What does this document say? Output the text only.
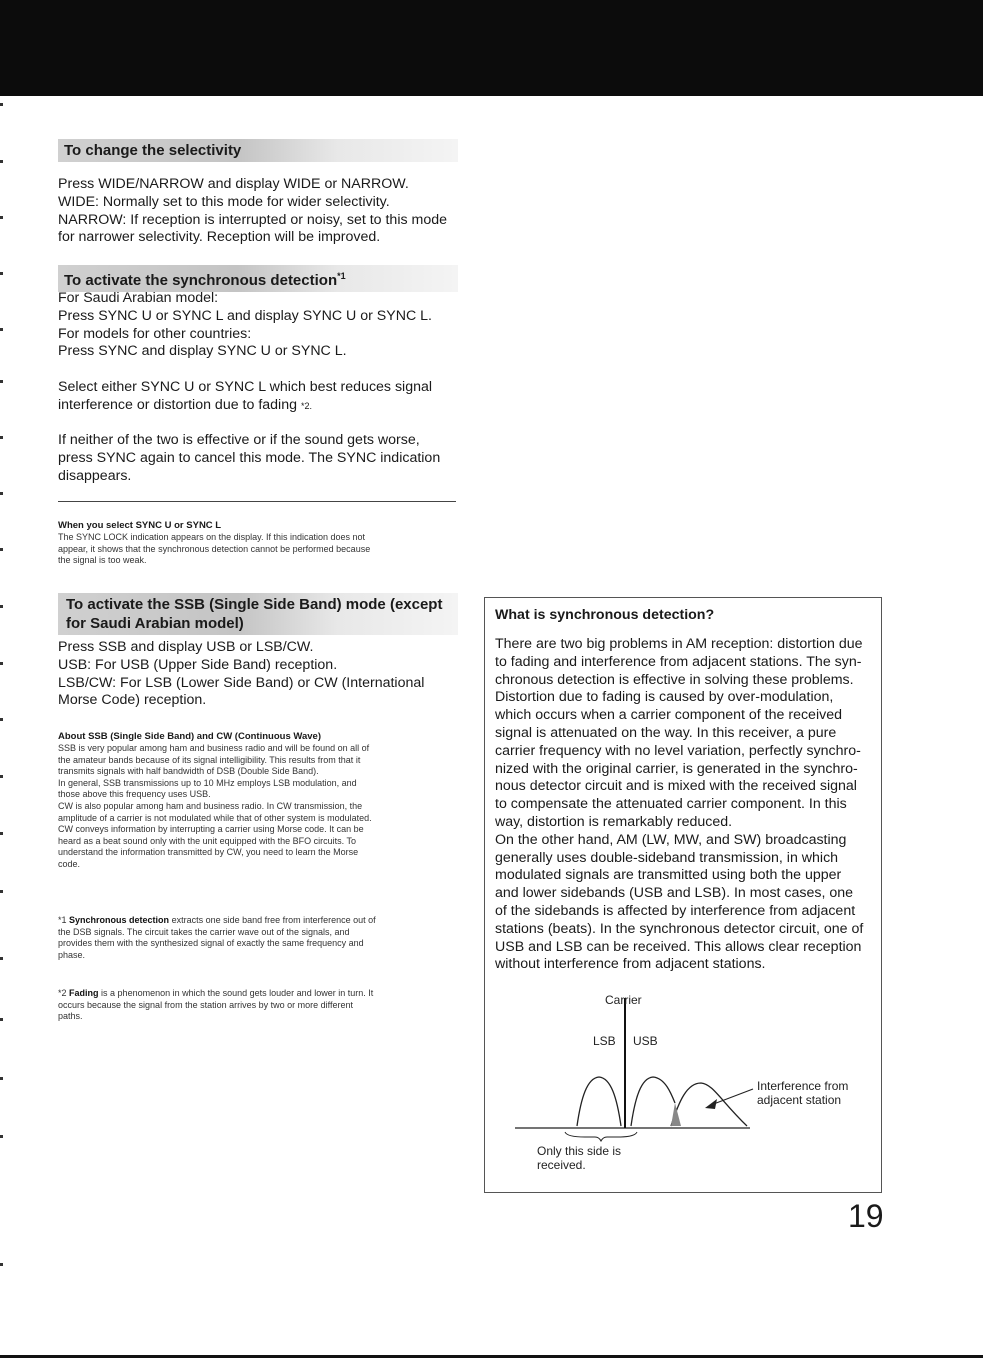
To change the selectivity

Press WIDE/NARROW and display WIDE or NARROW.

WIDE: Normally set to this mode for wider selectivity.

NARROW: If reception is interrupted or noisy, set to this mode

for narrower selectivity. Reception will be improved.

To activate the synchronous detection$^{*1}$

For Saudi Arabian model:

Press SYNC U or SYNC L and display SYNC U or SYNC L.

For models for other countries:

Press SYNC and display SYNC U or SYNC L.

Select either SYNC U or SYNC L which best reduces signal

interference or distortion due to fading *2.

If neither of the two is effective or if the sound gets worse,

press SYNC again to cancel this mode. The SYNC indication

disappears.

When you select SYNC U or SYNC L

The SYNC LOCK indication appears on the display. If this indication does not

appear, it shows that the synchronous detection cannot be performed because

the signal is too weak.

To activate the SSB (Single Side Band) mode (except
for Saudi Arabian model)

Press SSB and display USB or LSB/CW.

USB: For USB (Upper Side Band) reception.

LSB/CW: For LSB (Lower Side Band) or CW (International

Morse Code) reception.

About SSB (Single Side Band) and CW (Continuous Wave)

SSB is very popular among ham and business radio and will be found on all of

the amateur bands because of its signal intelligibility. This results from that it

transmits signals with half bandwidth of DSB (Double Side Band).

In general, SSB transmissions up to 10 MHz employs LSB modulation, and

those above this frequency uses USB.

CW is also popular among ham and business radio. In CW transmission, the

amplitude of a carrier is not modulated while that of other system is modulated.

CW conveys information by interrupting a carrier using Morse code. It can be

heard as a beat sound only with the unit equipped with the BFO circuits. To

understand the information transmitted by CW, you need to learn the Morse

code.

*1 Synchronous detection extracts one side band free from interference out of

the DSB signals. The circuit takes the carrier wave out of the signals, and

provides them with the synthesized signal of exactly the same frequency and

phase.

*2 Fading is a phenomenon in which the sound gets louder and lower in turn. It

occurs because the signal from the station arrives by two or more different

paths.

What is synchronous detection?

There are two big problems in AM reception: distortion due

to fading and interference from adjacent stations. The syn-

chronous detection is effective in solving these problems.

Distortion due to fading is caused by over-modulation,

which occurs when a carrier component of the received

signal is attenuated on the way. In this receiver, a pure

carrier frequency with no level variation, perfectly synchro-

nized with the original carrier, is generated in the synchro-

nous detector circuit and is mixed with the received signal

to compensate the attenuated carrier component. In this

way, distortion is remarkably reduced.

On the other hand, AM (LW, MW, and SW) broadcasting

generally uses double-sideband transmission, in which

modulated signals are transmitted using both the upper

and lower sidebands (USB and LSB). In most cases, one

of the sidebands is affected by interference from adjacent

stations (beats). In the synchronous detector circuit, one of

USB and LSB can be received. This allows clear reception

without interference from adjacent stations.

Carrier
LSB USB
Interference from
adjacent station
Only this side is
received.
19
